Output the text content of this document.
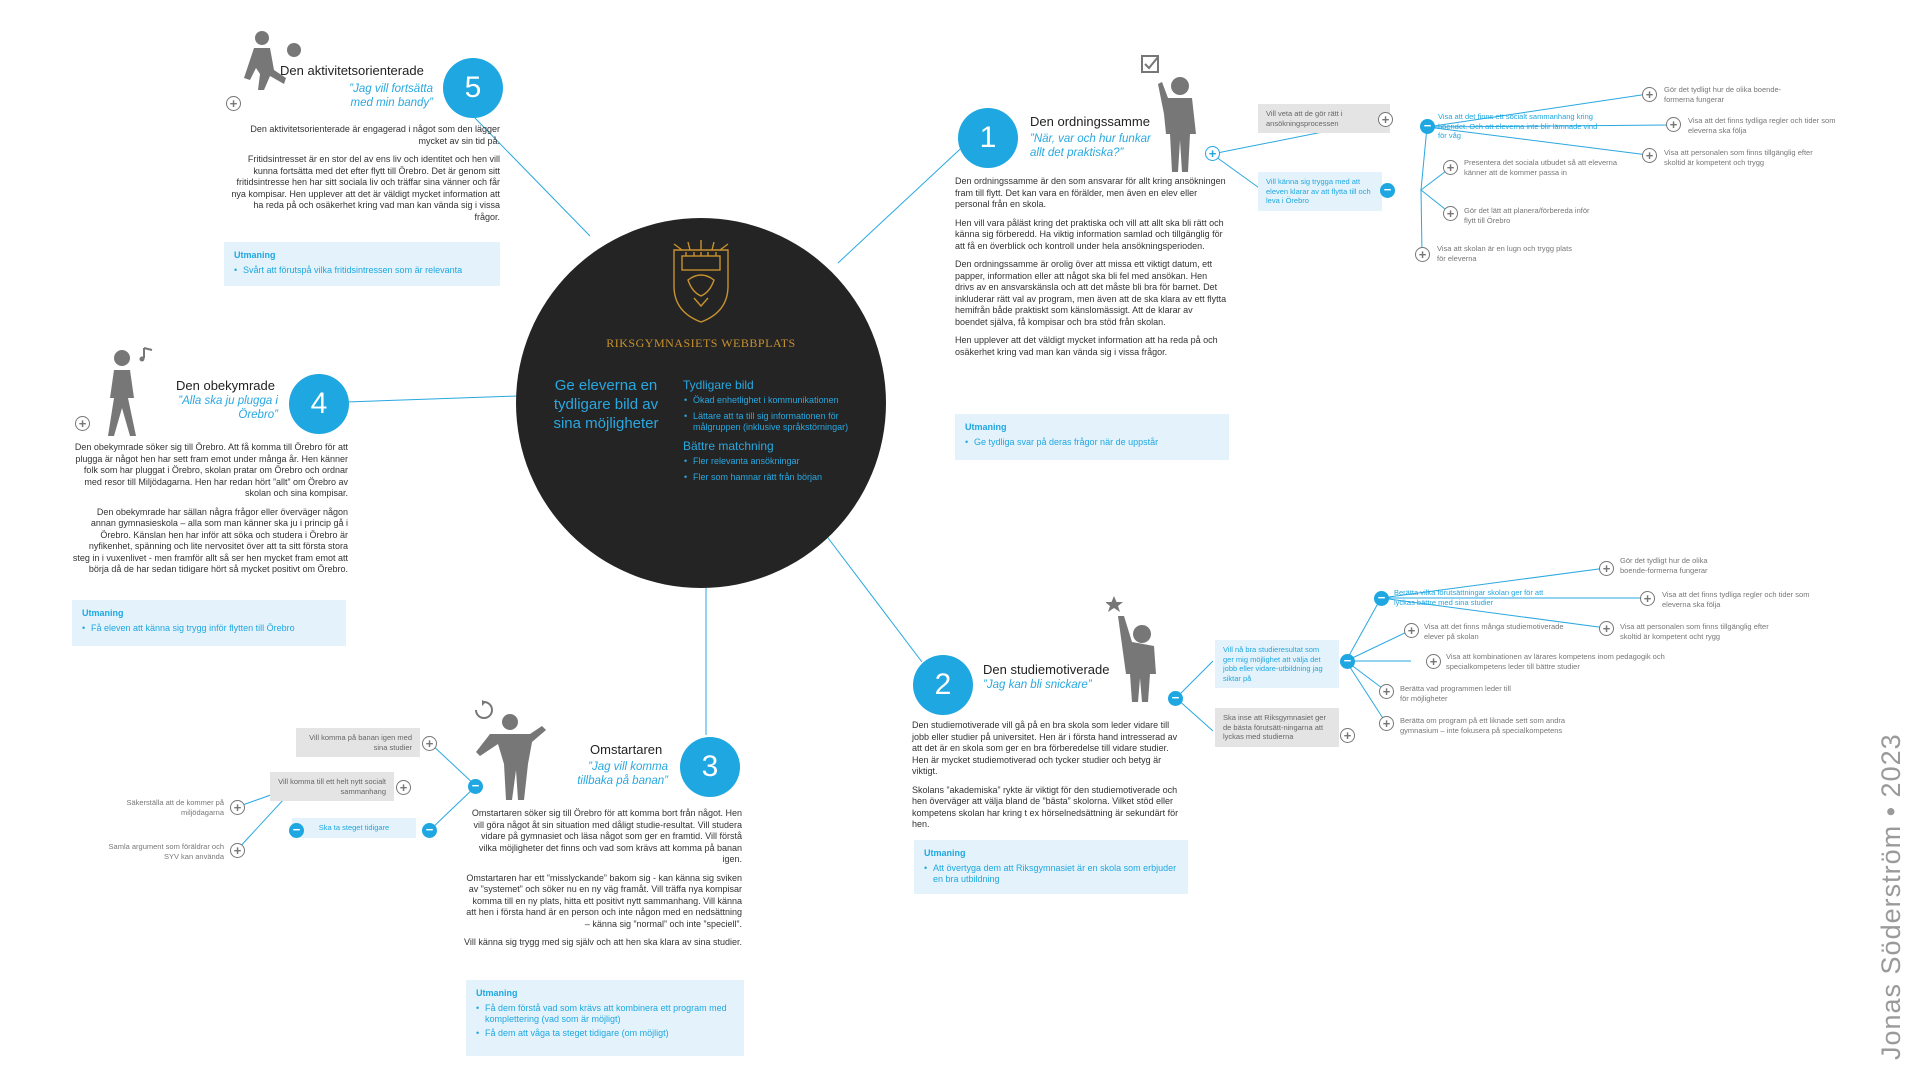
RIKSGYMNASIETS WEBBPLATS
Ge eleverna en tydligare bild av sina möjligheter
Tydligare bild
• Ökad enhetlighet i kommunikationen
• Lättare att ta till sig informationen för målgruppen (inklusive språkstörningar)
Bättre matchning
• Fler relevanta ansökningar
• Fler som hamnar rätt från början
+
Den aktivitetsorienterade
”Jag vill fortsätta med min bandy”	5
Den aktivitetsorienterade är engagerad i något som den lägger mycket av sin tid på.
Fritidsintresset är en stor del av ens liv och identitet och hen vill kunna fortsätta med det efter flytt till Örebro. Det är genom sitt fritidsintresse hen har sitt sociala liv och träffar sina vänner och får nya kompisar. Hen upplever att det är väldigt mycket information att ha reda på och osäkerhet kring vad man kan vända sig i vissa frågor.
Utmaning
• Svårt att förutspå vilka fritidsintressen som är relevanta
1	Den ordningssamme
”När, var och hur funkar allt det praktiska?”
Den ordningssamme är den som ansvarar för allt kring ansökningen fram till flytt. Det kan vara en förälder, men även en elev eller personal från en skola.
Hen vill vara påläst kring det praktiska och vill att allt ska bli rätt och känna sig förberedd. Ha viktig information samlad och tillgänglig för att få en överblick och kontroll under hela ansökningsperioden.
Den ordningssamme är orolig över att missa ett viktigt datum, ett papper, information eller att något ska bli fel med ansökan. Hen drivs av en ansvarskänsla och att det måste bli bra för barnet. Det inkluderar rätt val av program, men även att de ska klara av ett flytta hemifrån både praktiskt som känslomässigt. Att de klarar av boendet själva, få kompisar och bra stöd från skolan.
Hen upplever att det väldigt mycket information att ha reda på och osäkerhet kring vad man kan vända sig i vissa frågor.
Utmaning
• Ge tydliga svar på deras frågor när de uppstår
+
Vill veta att de gör rätt i ansökningsprocessen	+
Vill känna sig trygga med att eleven klarar av att flytta till och leva i Örebro
−
−
Visa att det finns ett socialt sammanhang kring boendet. Och att eleverna inte blir lämnade vind för våg
+	Gör det tydligt hur de olika boende-formerna fungerar
+	Visa att det finns tydliga regler och tider som eleverna ska följa
+	Visa att personalen som finns tillgänglig efter skoltid är kompetent och trygg
+	Presentera det sociala utbudet så att eleverna känner att de kommer passa in
+	Gör det lätt att planera/förbereda inför flytt till Örebro
+	Visa att skolan är en lugn och trygg plats för eleverna
+
Den obekymrade
”Alla ska ju plugga i Örebro”	4
Den obekymrade söker sig till Örebro. Att få komma till Örebro för att plugga är något hen har sett fram emot under många år. Hen känner folk som har pluggat i Örebro, skolan pratar om Örebro och ordnar med resor till Miljödagarna. Hen har redan hört ”allt” om Örebro av skolan och sina kompisar.
Den obekymrade har sällan några frågor eller överväger någon annan gymnasieskola – alla som man känner ska ju i princip gå i Örebro. Känslan hen har inför att söka och studera i Örebro är nyfikenhet, spänning och lite nervositet över att ta sitt första stora steg in i vuxenlivet - men framför allt så ser hen mycket fram emot att börja då de har sedan tidigare hört så mycket positivt om Örebro.
Utmaning
• Få eleven att känna sig trygg inför flytten till Örebro
2	Den studiemotiverade
”Jag kan bli snickare”
Den studiemotiverade vill gå på en bra skola som leder vidare till jobb eller studier på universitet. Hen är i första hand intresserad av att det är en skola som ger en bra förberedelse till vidare studier. Hen är mycket studiemotiverad och tycker studier och betyg är viktigt.
Skolans ”akademiska” rykte är viktigt för den studiemotiverade och hen överväger att välja bland de ”bästa” skolorna. Vilket stöd eller kompetens skolan har kring t ex hörselnedsättning är sekundärt för hen.
Utmaning
• Att övertyga dem att Riksgymnasiet är en skola som erbjuder en bra utbildning
−
Vill nå bra studieresultat som ger mig möjlighet att välja det jobb eller vidare-utbildning jag siktar på
−
Ska inse att Riksgymnasiet ger de bästa förutsätt-ningarna att lyckas med studierna	+
−	Berätta vilka förutsättningar skolan ger för att lyckas bättre med sina studier
+
Gör det tydligt hur de olika boende-formerna fungerar
+	Visa att det finns tydliga regler och tider som eleverna ska följa
+	Visa att personalen som finns tillgänglig efter skoltid är kompetent ocht rygg
+	Visa att det finns många studiemotiverade elever på skolan
+	Visa att kombinationen av lärares kompetens inom pedagogik och specialkompetens leder till bättre studier
+	Berätta vad programmen leder till för möjligheter
+	Berätta om program på ett liknade sett som andra gymnasium – inte fokusera på specialkompetens
Omstartaren
”Jag vill komma tillbaka på banan”	3
Omstartaren söker sig till Örebro för att komma bort från något. Hen vill göra något åt sin situation med dåligt studie-resultat. Vill studera vidare på gymnasiet och läsa något som ger en framtid. Vill förstå vilka möjligheter det finns och vad som krävs att komma på banan igen.
Omstartaren har ett ”misslyckande” bakom sig - kan känna sig sviken av ”systemet” och söker nu en ny väg framåt. Vill träffa nya kompisar komma till en ny plats, hitta ett positivt nytt sammanhang. Vill känna att hen i första hand är en person och inte någon med en nedsättning – känna sig ”normal” och inte ”speciell”.
Vill känna sig trygg med sig själv och att hen ska klara av sina studier.
Utmaning
• Få dem förstå vad som krävs att kombinera ett program med komplettering (vad som är möjligt)
• Få dem att våga ta steget tidigare (om möjligt)
−
Vill komma på banan igen med sina studier	+
Vill komma till ett helt nytt socialt sammanhang	+
Ska ta steget tidigare	−
−
+
Säkerställa att de kommer på miljödagarna
+
Samla argument som föräldrar och SYV kan använda	Jonas Söderström • 2023
